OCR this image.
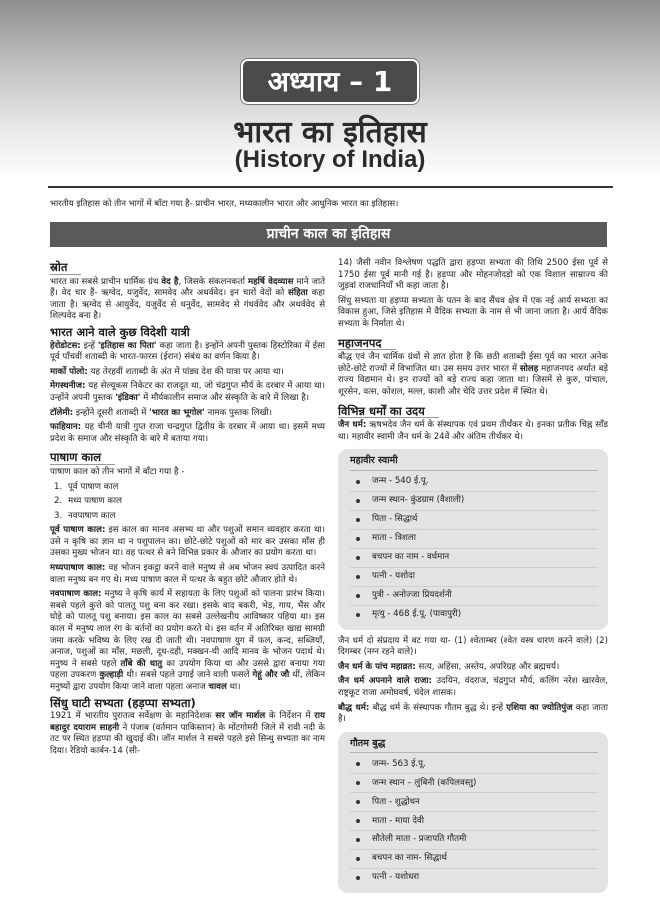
अध्याय – 1
भारत का इतिहास
(History of India)
भारतीय इतिहास को तीन भागों में बाँटा गया है- प्राचीन भारत, मध्यकालीन भारत और आधुनिक भारत का इतिहास।
प्राचीन काल का इतिहास
स्रोत

भारत का सबसे प्राचीन धार्मिक ग्रंथ वेद है, जिसके संकलनकर्ता महर्षि वेदव्यास माने जाते हैं। वेद चार हैं- ऋग्वेद, यजुर्वेद, सामवेद और अथर्ववेद। इन चारों वेदों को संहिता कहा जाता है। ऋग्वेद से आयुर्वेद, यजुर्वेद से धनुर्वेद, सामवेद से गंधर्ववेद और अथर्ववेद से शिल्पवेद बना है।

भारत आने वाले कुछ विदेशी यात्री

हेरोडोटस: इन्हें 'इतिहास का पिता' कहा जाता है। इन्होंने अपनी पुस्तक हिस्टोरिका में ईसा पूर्व पाँचवीं शताब्दी के भारत-फारस (ईरान) संबंध का वर्णन किया है।

मार्को पोलो: यह तेरहवीं शताब्दी के अंत में पांड्य देश की यात्रा पर आया था।

मेगस्थनीज: यह सेल्यूकस निकेटर का राजदूत था, जो चंद्रगुप्त मौर्य के दरबार में आया था। उन्होंने अपनी पुस्तक 'इंडिका' में मौर्यकालीन समाज और संस्कृति के बारे में लिखा है।

टॉलेमी: इन्होंने दूसरी शताब्दी में 'भारत का भूगोल' नामक पुस्तक लिखी।

फाहियान: यह चीनी यात्री गुप्त राजा चन्द्रगुप्त द्वितीय के दरबार में आया था। इसमें मध्य प्रदेश के समाज और संस्कृति के बारे में बताया गया।

पाषाण काल

पाषाण काल को तीन भागों में बाँटा गया है -

1. पूर्व पाषाण काल
2. मध्य पाषाण काल
3. नवपाषाण काल

पूर्व पाषाण काल: इस काल का मानव असभ्य था और पशुओं समान व्यवहार करता था। उसे न कृषि का ज्ञान था न पशुपालन का। छोटे-छोटे पशुओं को मार कर उसका माँस ही उसका मुख्य भोजन था। वह पत्थर से बने विभिन्न प्रकार के औजार का प्रयोग करता था।

मध्यपाषाण काल: वह भोजन इकट्ठा करने वाले मनुष्य से अब भोजन स्वयं उत्पादित करने वाला मनुष्य बन गए थे। मध्य पाषाण काल में पत्थर के बहुत छोटे औजार होते थे।

नवपाषाण काल: मनुष्य ने कृषि कार्य में सहायता के लिए पशुओं को पालना प्रारंभ किया। सबसे पहले कुत्ते को पालतू पशु बना कर रखा। इसके बाद बकरी, भेड़, गाय, भैंस और घोड़े को पालतू पशु बनाया। इस काल का सबसे उल्लेखनीय आविष्कार पहिया था। इस काल में मनुष्य लाल रंग के बर्तनों का प्रयोग करते थे। इस वर्तन में अतिरिक्त खाद्य सामग्री जमा करके भविष्य के लिए रख दी जाती थी। नवपाषाण युग में फल, कन्द, सब्जियाँ, अनाज, पशुओं का माँस, मछली, दूध-दही, मक्खन-घी आदि मानव के भोजन पदार्थ थे। मनुष्य ने सबसे पहले ताँबे की धातु का उपयोग किया था और उससे द्वारा बनाया गया पहला उपकरण कुल्हाड़ी थी। सबसे पहले उगाई जाने वाली फसलें गेहूं और जौ थीं, लेकिन मनुष्यों द्वारा उपयोग किया जाने वाला पहला अनाज चावल था।

सिंधु घाटी सभ्यता (हड़प्पा सभ्यता)

1921 में भारतीय पुरातत्व सर्वेक्षण के महानिदेशक सर जॉन मार्शल के निर्देशन में राय बहादुर दयाराम साहनी ने पंजाब (वर्तमान पाकिस्तान) के मोंटगोमरी जिले में रावी नदी के तट पर स्थित हड़प्पा की खुदाई की। जॉन मार्शल ने सबसे पहले इसे सिन्धु सभ्यता का नाम दिया। रेडियो कार्बन-14 (सी-

14) जैसी नवीन विश्लेषण पद्धति द्वारा हड़प्पा सभ्यता की तिथि 2500 ईसा पूर्व से 1750 ईसा पूर्व मानी गई है। हड़प्पा और मोहनजोदड़ो को एक विशाल साम्राज्य की जुड़वां राजधानियाँ भी कहा जाता है।

सिंधु सभ्यता या हड़प्पा सभ्यता के पतन के बाद सैंधव क्षेत्र में एक नई आर्य सभ्यता का विकास हुआ, जिसे इतिहास में वैदिक सभ्यता के नाम से भी जाना जाता है। आर्य वैदिक सभ्यता के निर्माता थे।

महाजनपद

बौद्ध एवं जैन धार्मिक ग्रंथों से ज्ञात होता है कि छठी शताब्दी ईसा पूर्व का भारत अनेक छोटे-छोटे राज्यों में विभाजित था। उस समय उत्तर भारत में सोलह महाजनपद अर्थात बड़े राज्य विद्यमान थे। इन राज्यों को बड़े राज्य कहा जाता था। जिसमें से कुरु, पांचाल, शूरसेन, वत्स, कोशल, मल्ल, काशी और चेदि उत्तर प्रदेश में स्थित थे।

विभिन्न धर्मों का उदय

जैन धर्म: ऋषभदेव जैन धर्म के संस्थापक एवं प्रथम तीर्थंकर थे। इनका प्रतीक चिह्न साँड था। महावीर स्वामी जैन धर्म के 24वें और अंतिम तीर्थंकर थे।

महावीर स्वामी
जन्म - 540 ई.पू.
जन्म स्थान- कुंडग्राम (वैशाली)
पिता - सिद्धार्थ
माता - त्रिशला
बचपन का नाम - वर्धमान
पत्नी - यशोदा
पुत्री - अनोज्जा प्रियदर्शनी
मृत्यु - 468 ई.पू. (पावापुरी)

जैन धर्म दो संप्रदाय में बट गया था- (1) श्वेताम्बर (श्वेत वस्त्र धारण करने वाले) (2) दिगम्बर (नग्न रहने वाले)।

जैन धर्म के पांच महाव्रत: सत्य, अहिंसा, अस्तेय, अपरिग्रह और ब्रह्मचर्य।

जैन धर्म अपनाने वाले राजा: उदयिन, वंदराज, चंद्रगुप्त मौर्य, कलिंग नरेश खारवेल, राष्ट्रकूट राजा अमोघवर्ष, चंदेल शासक।

बौद्ध धर्म: बौद्ध धर्म के संस्थापक गौतम बुद्ध थे। इन्हें एशिया का ज्योतिपुंज कहा जाता है।

गौतम बुद्ध
जन्म- 563 ई.पू.
जन्म स्थान – लुंबिनी (कपिलवस्तु)
पिता - शुद्धोधन
माता - माया देवी
सौतेली माता - प्रजापति गौतमी
बचपन का नाम- सिद्धार्थ
पत्नी - यशोधरा
